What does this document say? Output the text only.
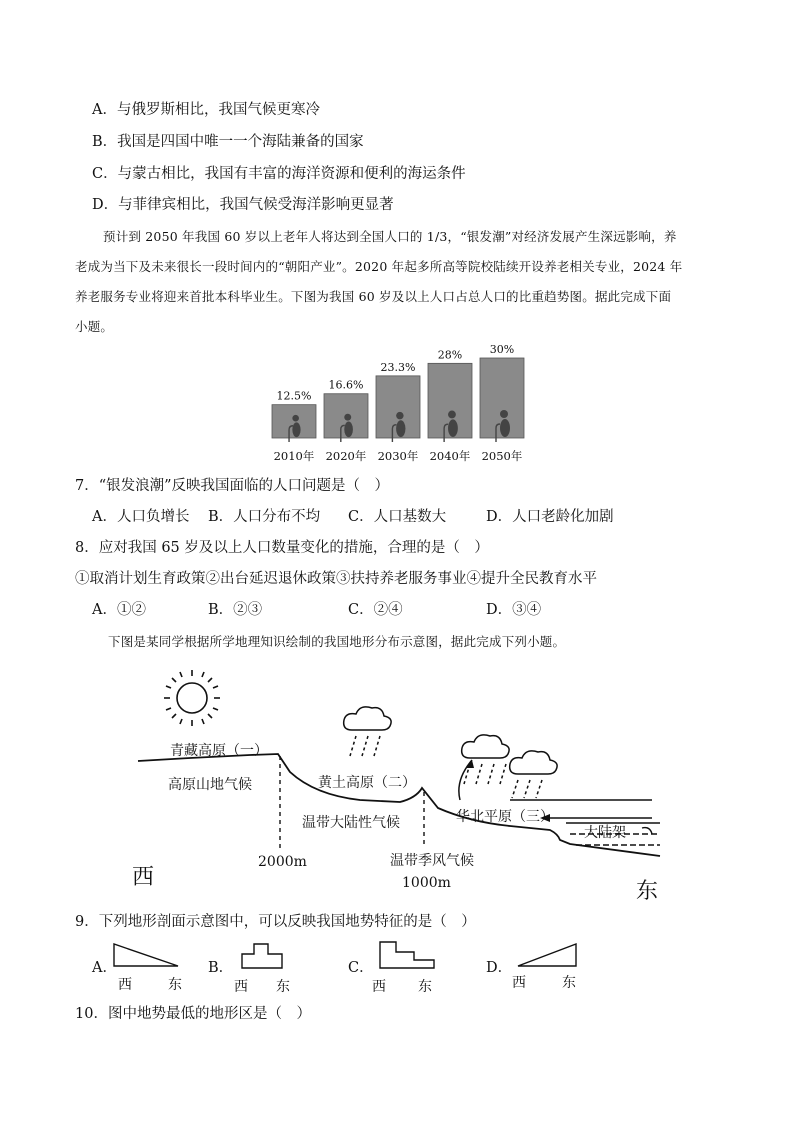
A．与俄罗斯相比，我国气候更寒冷
B．我国是四国中唯一一个海陆兼备的国家
C．与蒙古相比，我国有丰富的海洋资源和便利的海运条件
D．与菲律宾相比，我国气候受海洋影响更显著
预计到 2050 年我国 60 岁以上老年人将达到全国人口的 1/3，“银发潮”对经济发展产生深远影响，养
老成为当下及未来很长一段时间内的“朝阳产业”。2020 年起多所高等院校陆续开设养老相关专业，2024 年
养老服务专业将迎来首批本科毕业生。下图为我国 60 岁及以上人口占总人口的比重趋势图。据此完成下面
小题。
12.5%
2010年
16.6%
2020年
23.3%
2030年
28%
2040年
30%
2050年
7．“银发浪潮”反映我国面临的人口问题是（　）
A．人口负增长 B．人口分布不均 C．人口基数大	D．人口老龄化加剧
8．应对我国 65 岁及以上人口数量变化的措施，合理的是（　）
①取消计划生育政策②出台延迟退休政策③扶持养老服务事业④提升全民教育水平
A．①②	B．②③	C．②④	D．③④
下图是某同学根据所学地理知识绘制的我国地形分布示意图，据此完成下列小题。
青藏高原（一）
高原山地气候	黄土高原（二）
温带大陆性气候	华北平原（三）
温带季风气候
大陆架
2000m
1000m
西
东
9．下列地形剖面示意图中，可以反映我国地势特征的是（　）
A．
西	东
B．
西 东
C．
西 东
D．
西	东
10．图中地势最低的地形区是（　）
